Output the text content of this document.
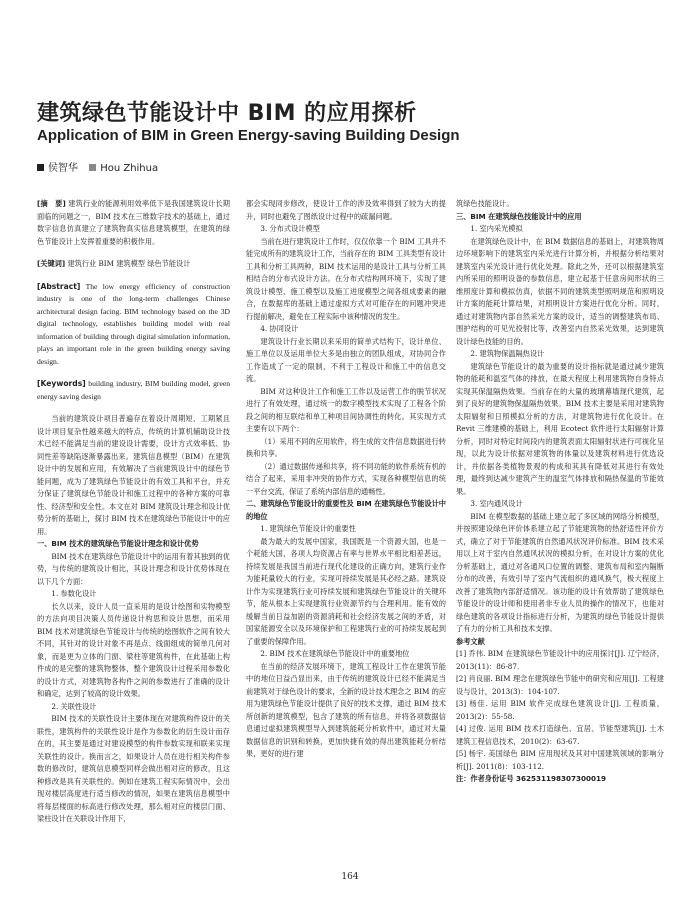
建筑绿色节能设计中 BIM 的应用探析
Application of BIM in Green Energy-saving Building Design
侯智华 Hou Zhihua

[摘　要] 建筑行业的能源利用效率低下是我国建筑设计长期面临的问题之一，BIM 技术在三维数字技术的基础上，通过数字信息仿真建立了建筑物真实信息建筑模型，在建筑的绿色节能设计上发挥着重要的积极作用。

[关键词] 建筑行业 BIM 建筑模型 绿色节能设计

[Abstract] The low energy efficiency of construction industry is one of the long-term challenges Chinese architectural design facing. BIM technology based on the 3D digital technology, establishes building model with real information of building through digital simulation information, plays an important role in the green building energy saving design.

[Keywords] building industry, BIM building model, green energy saving design

当前的建筑设计项目普遍存在着设计周期短、工期紧且设计项目复杂性越来越大的特点，传统的计算机辅助设计技术已经不能满足当前的建设设计需要，设计方式效率低、协同性差等缺陷逐渐暴露出来。建筑信息模型（BIM）在建筑设计中的发展和应用，有效解决了当前建筑设计中的绿色节能问题，成为了建筑绿色节能设计的有效工具和平台，并充分保证了建筑绿色节能设计和施工过程中的各种方案的可靠性、经济型和安全性。本文在对 BIM 建筑设计理念和设计优势分析的基础上，探讨 BIM 技术在建筑绿色节能设计中的应用。

一、BIM 技术的建筑绿色节能设计理念和设计优势

BIM 技术在建筑绿色节能设计中的运用有着其独到的优势，与传统的建筑设计相比，其设计理念和设计优势体现在以下几个方面：

1. 参数化设计

长久以来，设计人员一直采用的是设计绘图和实物模型的方法向项目决策人员传递设计构思和设计思想，而采用 BIM 技术对建筑绿色节能设计与传统的绘图软件之间有较大不同，其针对的设计对象不再是点、线面组成的简单几何对象，而是更为立体的门窗、梁柱等建筑构件，在此基础上构件成的是完整的建筑物整体，整个建筑设计过程采用参数化的设计方式，对建筑物各构件之间的参数进行了准确的设计和确定，达到了较高的设计效果。

2. 关联性设计

BIM 技术的关联性设计主要体现在对建筑构件设计的关联性，建筑构件的关联性设计是作为参数化的衍生设计而存在的，其主要是通过对建设模型的构件参数实现和联来实现关联性的设计。换而言之，如果设计人员在进行相关构件参数的修改时，建筑信息模型同样会做出相对应的修改，且这种修改是具有关联性的。例如在建筑工程实际情况中，会出现对楼层高度进行适当修改的情况，如果在建筑信息模型中将每层楼面的标高进行修改处理，那么相对应的楼层门面、梁柱设计在关联设计作用下，

都会实现同步修改，使设计工作的涉及效率得到了较为大的提升，同时也避免了图纸设计过程中的疏漏问题。

3. 分布式设计模型

当前在进行建筑设计工作时，仅仅依靠一个 BIM 工具并不能完成所有的建筑设计工作，当前存在的 BIM 工具类型有设计工具和分析工具两种，BIM 技术运用的是设计工具与分析工具相结合的分布式设计方法。在分布式结构网环境下，实现了建筑设计模型、施工模型以及施工进度模型之间各组成要素的融合，在数据库的基础上通过虚拟方式对可能存在的问题冲突进行提前解决，避免在工程实际中该种情况的发生。

4. 协同设计

建筑设计行业长期以来采用的简单式结构下，设计单位、施工单位以及运用单位大多是由独立的团队组成，对协同合作工作造成了一定的限制，不利于工程设计和施工中的信息交流。

BIM 对这种设计工作和施工工作以及运营工作的脱节状况进行了有效处理，通过统一的数字模型技术实现了工程各个阶段之间的相互联结和单工种项目间协调性的转化。其实现方式主要有以下两个：

（1）采用不同的应用软件，将生成的文件信息数据进行转换和共享。

（2）通过数据传递和共享，将不同功能的软件系统有机的结合了起来，采用非冲突的协作方式，实现各种模型信息的统一平台交流，保证了系统内部信息的通畅性。

二、建筑绿色节能设计的重要性及 BIM 在建筑绿色节能设计中的地位

1. 建筑绿色节能设计的重要性

最为最大的发展中国家，我国既是一个资源大国，也是一个耗能大国，各项人均资源占有率与世界水平相比相差甚远，持续发展是我国当前进行现代化建设的正确方向，建筑行业作为能耗量较大的行业，实现可持续发展是其必经之路。建筑设计作为实现建筑行业可持续发展和建筑绿色节能设计的关键环节，能从根本上实现建筑行业资源节约与合理利用。能有效的缓解当前日益加剧的资源消耗和社会经济发展之间的矛盾，对国家能源安全以及环境保护和工程建筑行业的可持续发展起到了重要的保障作用。

2. BIM 技术在建筑绿色节能设计中的重要地位

在当前的经济发展环境下，建筑工程设计工作在建筑节能中的地位日益凸显出来，由于传统的建筑设计已经不能满足当前建筑对于绿色设计的要求，全新的设计技术理念之 BIM 的应用为建筑绿色节能设计提供了良好的技术支撑，通过 BIM 技术所创新的建筑模型，包含了建筑的所有信息，并将各项数据信息通过虚拟建筑模型导入到建筑能耗分析软件中，通过对大量数据信息的识别和转换，更加快捷有效的得出建筑能耗分析结果，更好的进行建

筑绿色技能设计。

三、BIM 在建筑绿色技能设计中的应用

1. 室内采光模拟

在建筑绿色设计中，在 BIM 数据信息的基础上，对建筑物周边环境影响下的建筑室内采光进行计算分析，并根据分析结果对建筑室内采光设计进行优化处理。除此之外，还可以根据建筑室内所采用的照明设备的参数信息，建立起基于任意房间形状的三维照度计算和模拟仿真，依据不同的建筑类型照明规范和照明设计方案的能耗计算结果，对照明设计方案进行优化分析。同时，通过对建筑物内部自然采光方案的设计，适当的调整建筑布局、围护结构的可见光投射比等，改善室内自然采光效果，达到建筑设计绿色技能的目的。

2. 建筑物保温隔热设计

建筑绿色节能设计的最为重要的设计指标就是通过减少建筑物的能耗和温室气体的排放，在最大程度上利用建筑物自身特点实现其保温隔热效果。当前存在的大量的玻璃幕墙现代建筑，起到了良好的建筑物保温隔热效果。BIM 技术主要是采用对建筑物太阳辐射和日照模拟分析的方法，对建筑物进行优化设计。在 Revit 三维建模的基础上，利用 Ecotect 软件进行太阳辐射计算分析，同时对特定时间段内的建筑表面太阳辐射状进行可视化呈现，以此为设计依据对建筑物的体量以及建筑材料进行优选设计，并依据各类植物景观的构成和其具有降低对其进行有效处理，最终到达减少建筑产生的温室气体排放和隔热保温的节能效果。

3. 室内通风设计

BIM 在模型数据的基础上建立起了多区域的网络分析模型，并按照建设绿色评价体系建立起了节能建筑物的热舒适性评价方式，确立了对于节能建筑的自然通风状况评价标准。BIM 技术采用以上对于室内自然通风状况的模拟分析，在对设计方案的优化分析基础上，通过对各通风口位置的调整、建筑布局和室内隔断分布的改善，有效引导了室内气流组织的通风换气，极大程度上改善了建筑物内部舒适情况。该功能的设计有效帮助了建筑绿色节能设计的设计师和使用者非专业人员的操作的情况下，也能对绿色建筑的各项设计指标进行分析，为建筑的绿色节能设计提供了有力的分析工具和技术支撑。

参考文献

[1] 乔伟. BIM 在建筑绿色节能设计中的应用探讨[J]. 辽宁经济，2013(11)：86-87.

[2] 肖良丽. BIM 理念在建筑绿色节能中的研究和应用[J]. 工程建设与设计，2013(3)：104-107.

[3] 杨佳. 运用 BIM 软件完成绿色建筑设计[J]. 工程质量，2013(2)：55-58.

[4] 过俊. 运用 BIM 技术打造绿色、宜居、节能型建筑[J]. 土木建筑工程信息技术，2010(2)：63-67.

[5] 杨宇. 美国绿色 BIM 应用现状及其对中国建筑领域的影响分析[J]. 2011(8)：103-112.

注：作者身份证号 362531198307300019

164
